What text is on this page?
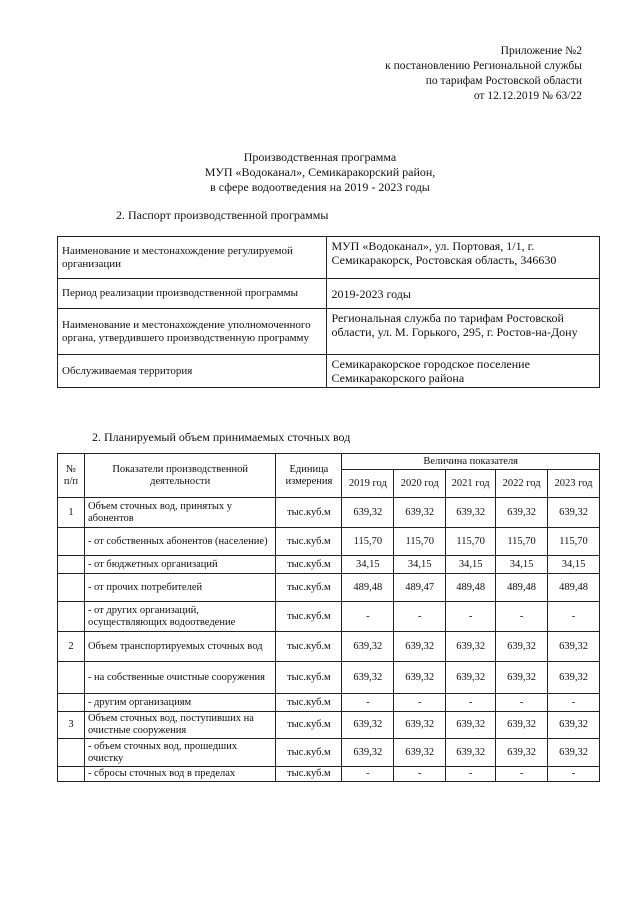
Приложение №2
к постановлению Региональной службы
по тарифам Ростовской области
от 12.12.2019 № 63/22
Производственная программа
МУП «Водоканал», Семикаракорский район,
в сфере водоотведения на 2019 - 2023 годы
2. Паспорт производственной программы
Наименование и местонахождение регулируемой организации	МУП «Водоканал», ул. Портовая, 1/1, г. Семикаракорск, Ростовская область, 346630
Период реализации производственной программы	2019-2023 годы
Наименование и местонахождение уполномоченного органа, утвердившего производственную программу	Региональная служба по тарифам Ростовской области, ул. М. Горького, 295, г. Ростов-на-Дону
Обслуживаемая территория	Семикаракорское городское поселение Семикаракорского района
2. Планируемый объем принимаемых сточных вод
№ п/п	Показатели производственной деятельности	Единица измерения	Величина показателя				
			2019 год	2020 год	2021 год	2022 год	2023 год
1	Объем сточных вод, принятых у абонентов	тыс.куб.м	639,32	639,32	639,32	639,32	639,32
	- от собственных абонентов (население)	тыс.куб.м	115,70	115,70	115,70	115,70	115,70
	- от бюджетных организаций	тыс.куб.м	34,15	34,15	34,15	34,15	34,15
	- от прочих потребителей	тыс.куб.м	489,48	489,47	489,48	489,48	489,48
	- от других организаций, осуществляющих водоотведение	тыс.куб.м	-	-	-	-	-
2	Объем транспортируемых сточных вод	тыс.куб.м	639,32	639,32	639,32	639,32	639,32
	- на собственные очистные сооружения	тыс.куб.м	639,32	639,32	639,32	639,32	639,32
	- другим организациям	тыс.куб.м	-	-	-	-	-
3	Объем сточных вод, поступивших на очистные сооружения	тыс.куб.м	639,32	639,32	639,32	639,32	639,32
	- объем сточных вод, прошедших очистку	тыс.куб.м	639,32	639,32	639,32	639,32	639,32
	- сбросы сточных вод в пределах	тыс.куб.м	-	-	-	-	-
